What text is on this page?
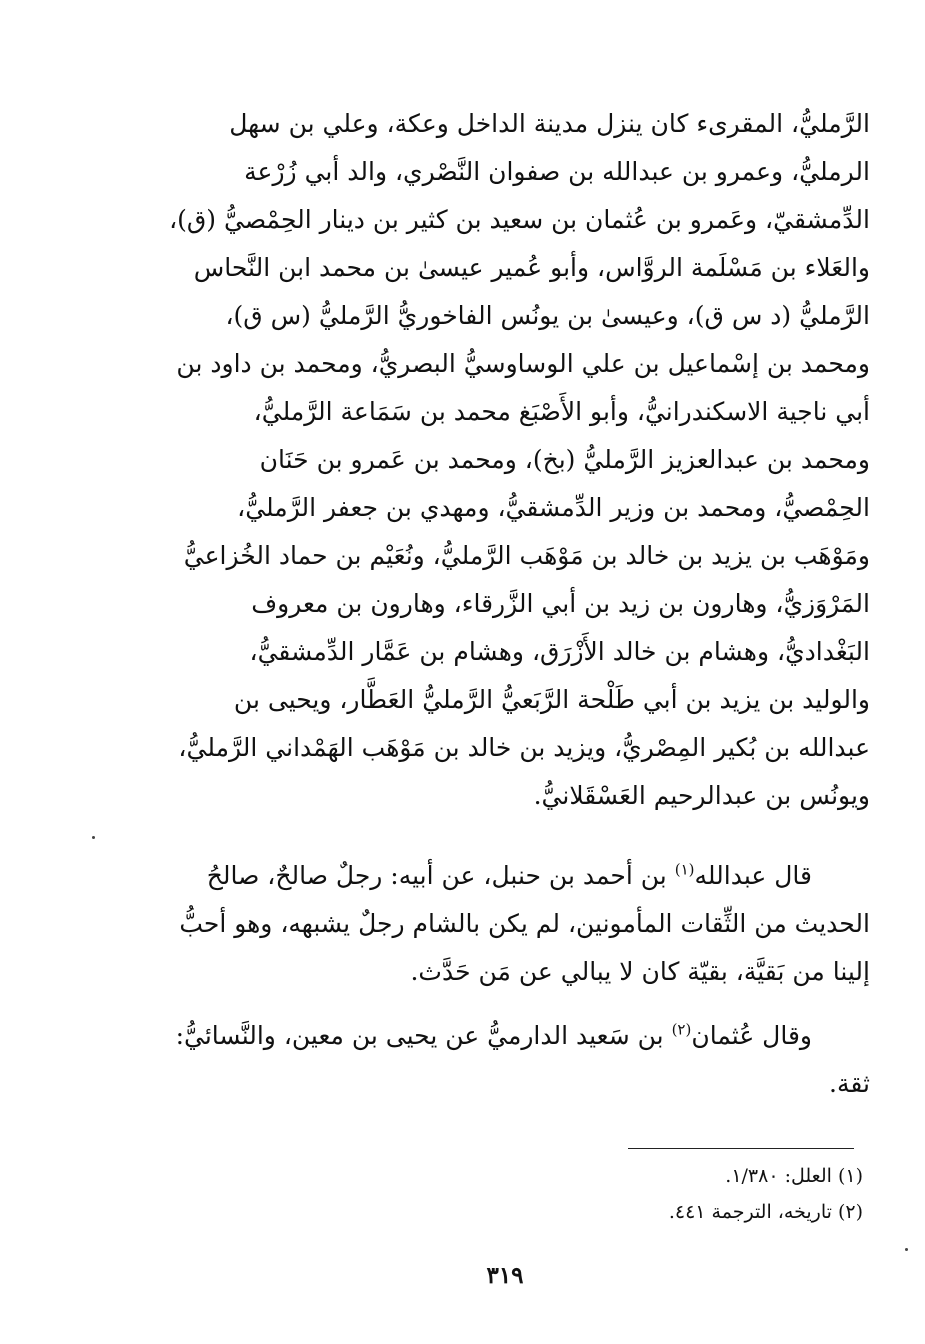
الرَّمليُّ، المقرىء كان ينزل مدينة الداخل وعكة، وعلي بن سهل
الرمليُّ، وعمرو بن عبدالله بن صفوان النَّصْري، والد أبي زُرْعة
الدِّمشقيّ، وعَمرو بن عُثمان بن سعيد بن كثير بن دينار الحِمْصيُّ (ق)،
والعَلاء بن مَسْلَمة الروَّاس، وأبو عُمير عيسىٰ بن محمد ابن النَّحاس
الرَّمليُّ (د س ق)، وعيسىٰ بن يونُس الفاخوريُّ الرَّمليُّ (س ق)،
ومحمد بن إسْماعيل بن علي الوساوسيُّ البصريُّ، ومحمد بن داود بن
أبي ناجية الاسكندرانيُّ، وأبو الأَصْبَغ محمد بن سَمَاعة الرَّمليُّ،
ومحمد بن عبدالعزيز الرَّمليُّ (بخ)، ومحمد بن عَمرو بن حَنَان
الحِمْصيُّ، ومحمد بن وزير الدِّمشقيُّ، ومهدي بن جعفر الرَّمليُّ،
ومَوْهَب بن يزيد بن خالد بن مَوْهَب الرَّمليُّ، ونُعَيْم بن حماد الخُزاعيُّ
المَرْوَزيُّ، وهارون بن زيد بن أبي الزَّرقاء، وهارون بن معروف
البَغْداديُّ، وهشام بن خالد الأَزْرَق، وهشام بن عَمَّار الدِّمشقيُّ،
والوليد بن يزيد بن أبي طَلْحة الرَّبَعيُّ الرَّمليُّ العَطَّار، ويحيى بن
عبدالله بن بُكير المِصْريُّ، ويزيد بن خالد بن مَوْهَب الهَمْداني الرَّمليُّ،
ويونُس بن عبدالرحيم العَسْقَلانيُّ.
قال عبدالله$^{(١)}$ بن أحمد بن حنبل، عن أبيه: رجلٌ صالحٌ، صالحُ
الحديث من الثِّقات المأمونين، لم يكن بالشام رجلٌ يشبهه، وهو أحبُّ
إلينا من بَقيَّة، بقيّة كان لا يبالي عن مَن حَدَّث.
وقال عُثمان$^{(٢)}$ بن سَعيد الدارميُّ عن يحيى بن معين، والنَّسائيُّ:
ثقة.
(١) العلل: ١/٣٨٠.
(٢) تاريخه، الترجمة ٤٤١.
٣١٩
